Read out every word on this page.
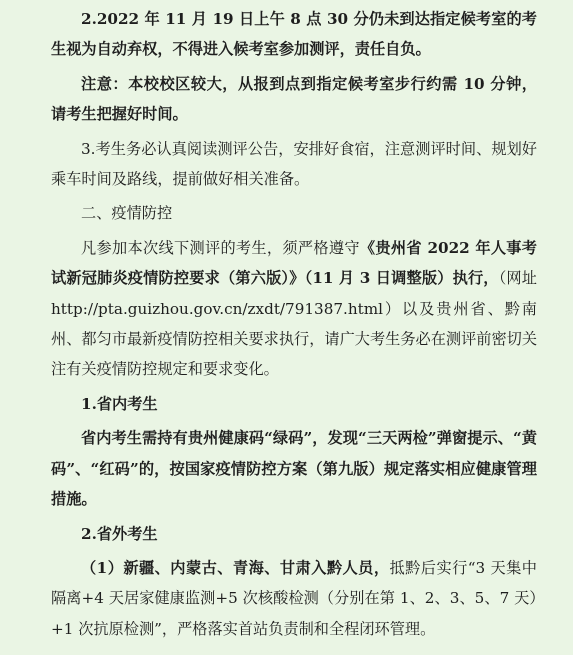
2.2022 年 11 月 19 日上午 8 点 30 分仍未到达指定候考室的考生视为自动弃权，不得进入候考室参加测评，责任自负。

注意：本校校区较大，从报到点到指定候考室步行约需 10 分钟，请考生把握好时间。

3.考生务必认真阅读测评公告，安排好食宿，注意测评时间、规划好乘车时间及路线，提前做好相关准备。

二、疫情防控

凡参加本次线下测评的考生，须严格遵守《贵州省 2022 年人事考试新冠肺炎疫情防控要求（第六版）》（11 月 3 日调整版）执行，（网址 http://pta.guizhou.gov.cn/zxdt/791387.html）以及贵州省、黔南州、都匀市最新疫情防控相关要求执行，请广大考生务必在测评前密切关注有关疫情防控规定和要求变化。

1.省内考生

省内考生需持有贵州健康码“绿码”，发现“三天两检”弹窗提示、“黄码”、“红码”的，按国家疫情防控方案（第九版）规定落实相应健康管理措施。

2.省外考生

（1）新疆、内蒙古、青海、甘肃入黔人员，抵黔后实行“3 天集中隔离+4 天居家健康监测+5 次核酸检测（分别在第 1、2、3、5、7 天）+1 次抗原检测”，严格落实首站负责制和全程闭环管理。
